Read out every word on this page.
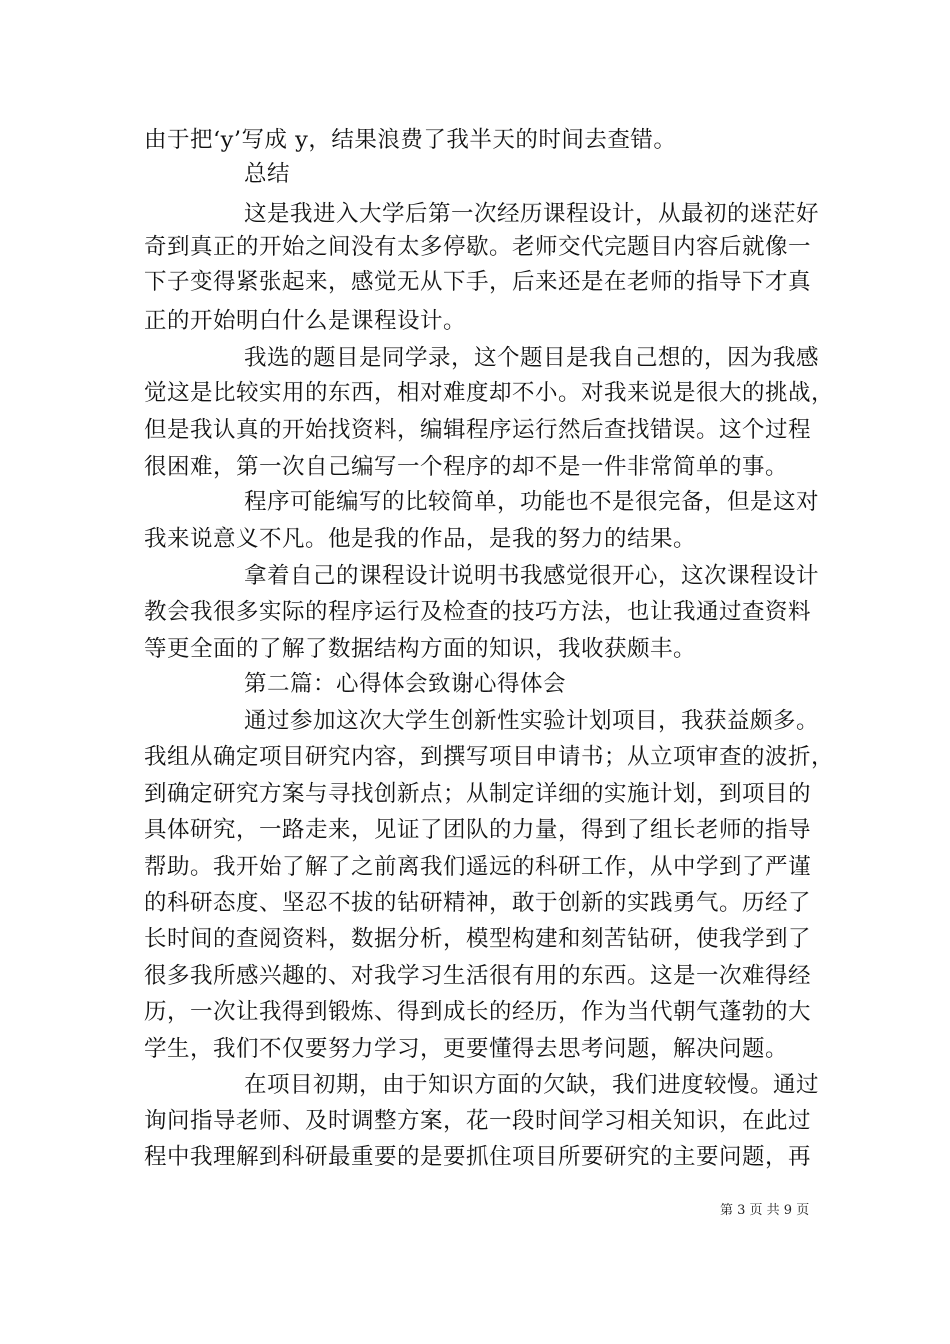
由于把‘y’写成 y，结果浪费了我半天的时间去查错。
总结
这是我进入大学后第一次经历课程设计，从最初的迷茫好
奇到真正的开始之间没有太多停歇。老师交代完题目内容后就像一
下子变得紧张起来，感觉无从下手，后来还是在老师的指导下才真
正的开始明白什么是课程设计。
我选的题目是同学录，这个题目是我自己想的，因为我感
觉这是比较实用的东西，相对难度却不小。对我来说是很大的挑战，
但是我认真的开始找资料，编辑程序运行然后查找错误。这个过程
很困难，第一次自己编写一个程序的却不是一件非常简单的事。
程序可能编写的比较简单，功能也不是很完备，但是这对
我来说意义不凡。他是我的作品，是我的努力的结果。
拿着自己的课程设计说明书我感觉很开心，这次课程设计
教会我很多实际的程序运行及检查的技巧方法，也让我通过查资料
等更全面的了解了数据结构方面的知识，我收获颇丰。
第二篇：心得体会致谢心得体会
通过参加这次大学生创新性实验计划项目，我获益颇多。
我组从确定项目研究内容，到撰写项目申请书；从立项审查的波折，
到确定研究方案与寻找创新点；从制定详细的实施计划，到项目的
具体研究，一路走来，见证了团队的力量，得到了组长老师的指导
帮助。我开始了解了之前离我们遥远的科研工作，从中学到了严谨
的科研态度、坚忍不拔的钻研精神，敢于创新的实践勇气。历经了
长时间的查阅资料，数据分析，模型构建和刻苦钻研，使我学到了
很多我所感兴趣的、对我学习生活很有用的东西。这是一次难得经
历，一次让我得到锻炼、得到成长的经历，作为当代朝气蓬勃的大
学生，我们不仅要努力学习，更要懂得去思考问题，解决问题。
在项目初期，由于知识方面的欠缺，我们进度较慢。通过
询问指导老师、及时调整方案，花一段时间学习相关知识，在此过
程中我理解到科研最重要的是要抓住项目所要研究的主要问题，再
第 3 页 共 9 页
